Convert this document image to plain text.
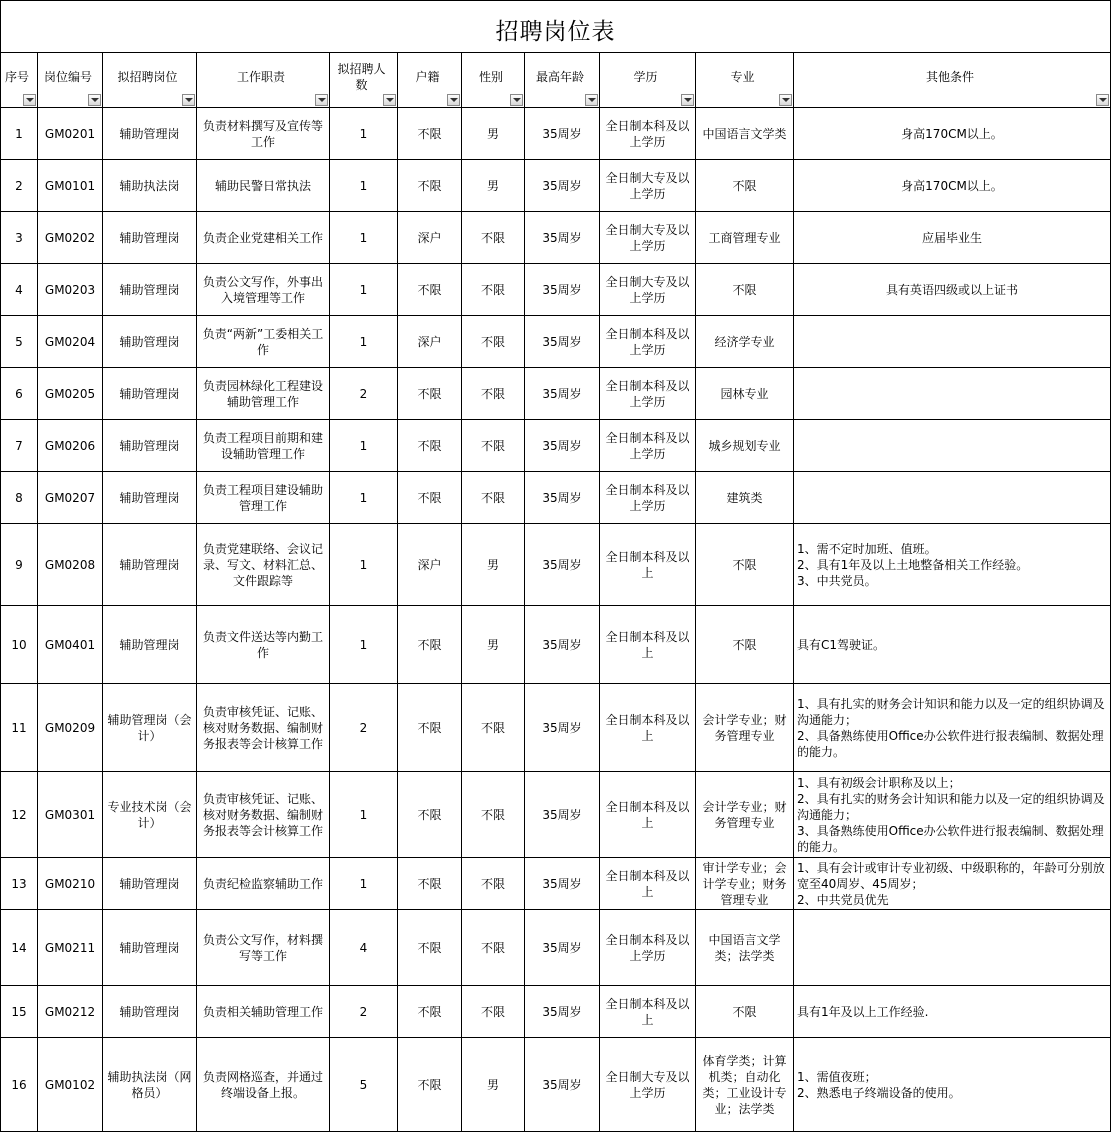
招聘岗位表
序号	岗位编号	拟招聘岗位	工作职责	拟招聘人数	户籍	性别	最高年龄	学历	专业	其他条件

1	GM0201	辅助管理岗	负责材料撰写及宣传等工作	1	不限	男	35周岁	全日制本科及以上学历	中国语言文学类	身高170CM以上。

2	GM0101	辅助执法岗	辅助民警日常执法	1	不限	男	35周岁	全日制大专及以上学历	不限	身高170CM以上。

3	GM0202	辅助管理岗	负责企业党建相关工作	1	深户	不限	35周岁	全日制大专及以上学历	工商管理专业	应届毕业生

4	GM0203	辅助管理岗	负责公文写作，外事出入境管理等工作	1	不限	不限	35周岁	全日制大专及以上学历	不限	具有英语四级或以上证书

5	GM0204	辅助管理岗	负责“两新”工委相关工作	1	深户	不限	35周岁	全日制本科及以上学历	经济学专业	
6	GM0205	辅助管理岗	负责园林绿化工程建设辅助管理工作	2	不限	不限	35周岁	全日制本科及以上学历	园林专业	
7	GM0206	辅助管理岗	负责工程项目前期和建设辅助管理工作	1	不限	不限	35周岁	全日制本科及以上学历	城乡规划专业	
8	GM0207	辅助管理岗	负责工程项目建设辅助管理工作	1	不限	不限	35周岁	全日制本科及以上学历	建筑类	
9	GM0208	辅助管理岗	负责党建联络、会议记录、写文、材料汇总、文件跟踪等	1	深户	男	35周岁	全日制本科及以上	不限	1、需不定时加班、值班。
2、具有1年及以上土地整备相关工作经验。
3、中共党员。

10	GM0401	辅助管理岗	负责文件送达等内勤工作	1	不限	男	35周岁	全日制本科及以上	不限	具有C1驾驶证。

11	GM0209	辅助管理岗（会计）	负责审核凭证、记账、核对财务数据、编制财务报表等会计核算工作	2	不限	不限	35周岁	全日制本科及以上	会计学专业；财务管理专业	1、具有扎实的财务会计知识和能力以及一定的组织协调及沟通能力；
2、具备熟练使用Office办公软件进行报表编制、数据处理的能力。

12	GM0301	专业技术岗（会计）	负责审核凭证、记账、核对财务数据、编制财务报表等会计核算工作	1	不限	不限	35周岁	全日制本科及以上	会计学专业；财务管理专业	1、具有初级会计职称及以上；
2、具有扎实的财务会计知识和能力以及一定的组织协调及沟通能力；
3、具备熟练使用Office办公软件进行报表编制、数据处理的能力。

13	GM0210	辅助管理岗	负责纪检监察辅助工作	1	不限	不限	35周岁	全日制本科及以上	审计学专业；会计学专业；财务管理专业	1、具有会计或审计专业初级、中级职称的，年龄可分别放宽至40周岁、45周岁；
2、中共党员优先

14	GM0211	辅助管理岗	负责公文写作，材料撰写等工作	4	不限	不限	35周岁	全日制本科及以上学历	中国语言文学类；法学类	
15	GM0212	辅助管理岗	负责相关辅助管理工作	2	不限	不限	35周岁	全日制本科及以上	不限	具有1年及以上工作经验.

16	GM0102	辅助执法岗（网格员）	负责网格巡查，并通过终端设备上报。	5	不限	男	35周岁	全日制大专及以上学历	体育学类；计算机类；自动化类；工业设计专业；法学类	1、需值夜班；
2、熟悉电子终端设备的使用。
